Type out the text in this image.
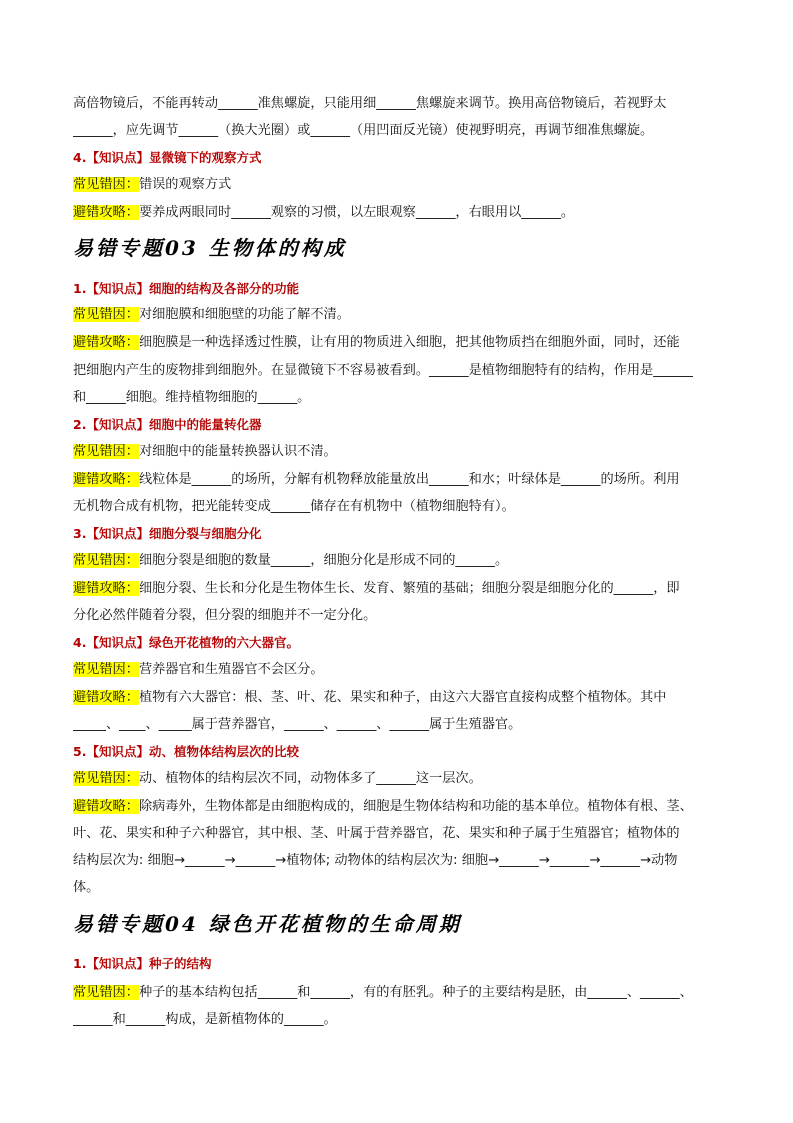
高倍物镜后，不能再转动______准焦螺旋，只能用细______焦螺旋来调节。换用高倍物镜后，若视野太
______，应先调节______（换大光圈）或______（用凹面反光镜）使视野明亮，再调节细准焦螺旋。
4.【知识点】显微镜下的观察方式
常见错因：错误的观察方式
避错攻略：要养成两眼同时______观察的习惯，以左眼观察______，右眼用以______。
易错专题03 生物体的构成
1.【知识点】细胞的结构及各部分的功能
常见错因：对细胞膜和细胞壁的功能了解不清。
避错攻略：细胞膜是一种选择透过性膜，让有用的物质进入细胞，把其他物质挡在细胞外面，同时，还能
把细胞内产生的废物排到细胞外。在显微镜下不容易被看到。______是植物细胞特有的结构，作用是______
和______细胞。维持植物细胞的______。
2.【知识点】细胞中的能量转化器
常见错因：对细胞中的能量转换器认识不清。
避错攻略：线粒体是______的场所，分解有机物释放能量放出______和水；叶绿体是______的场所。利用
无机物合成有机物，把光能转变成______储存在有机物中（植物细胞特有）。
3.【知识点】细胞分裂与细胞分化
常见错因：细胞分裂是细胞的数量______，细胞分化是形成不同的______。
避错攻略：细胞分裂、生长和分化是生物体生长、发育、繁殖的基础；细胞分裂是细胞分化的______，即
分化必然伴随着分裂，但分裂的细胞并不一定分化。
4.【知识点】绿色开花植物的六大器官。
常见错因：营养器官和生殖器官不会区分。
避错攻略：植物有六大器官：根、茎、叶、花、果实和种子，由这六大器官直接构成整个植物体。其中
_____、____、_____属于营养器官，______、______、______属于生殖器官。
5.【知识点】动、植物体结构层次的比较
常见错因：动、植物体的结构层次不同，动物体多了______这一层次。
避错攻略：除病毒外，生物体都是由细胞构成的，细胞是生物体结构和功能的基本单位。植物体有根、茎、
叶、花、果实和种子六种器官，其中根、茎、叶属于营养器官，花、果实和种子属于生殖器官；植物体的
结构层次为: 细胞→______→______→植物体; 动物体的结构层次为: 细胞→______→______→______→动物
体。
易错专题04 绿色开花植物的生命周期
1.【知识点】种子的结构
常见错因：种子的基本结构包括______和______，有的有胚乳。种子的主要结构是胚，由______、______、
______和______构成，是新植物体的______。
